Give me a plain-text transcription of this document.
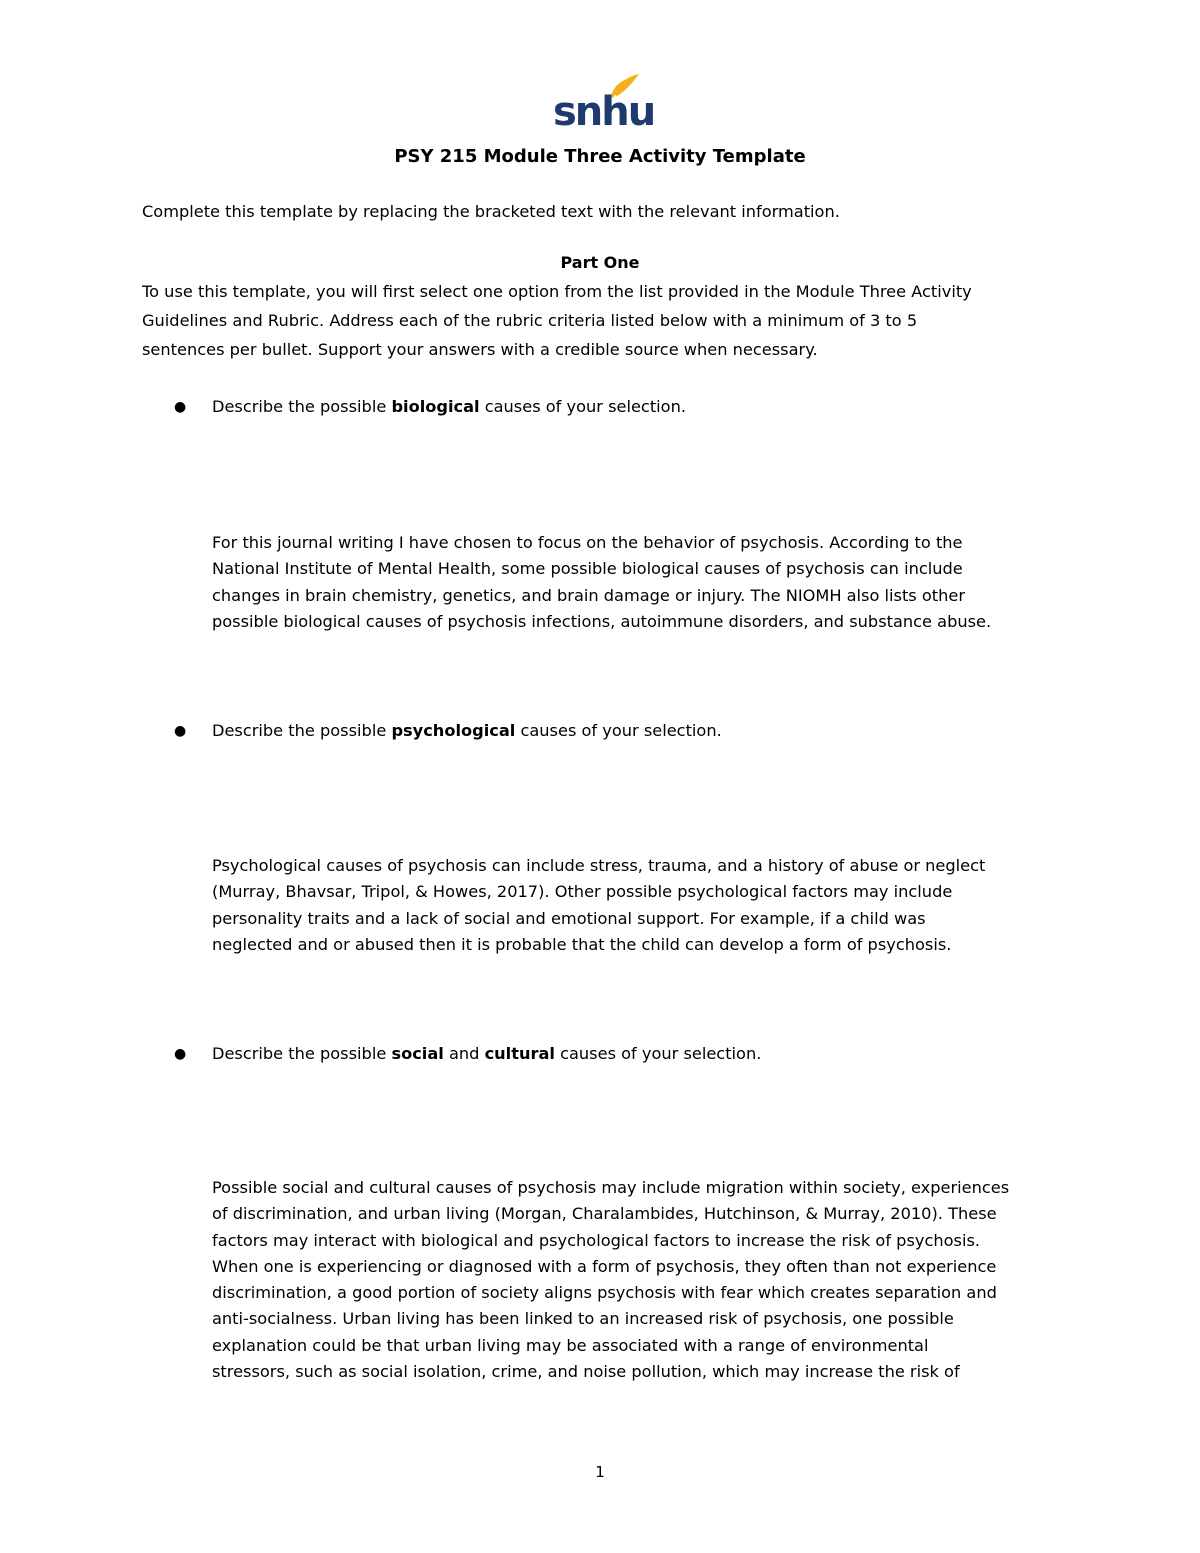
snhu
PSY 215 Module Three Activity Template
Complete this template by replacing the bracketed text with the relevant information.
Part One
To use this template, you will first select one option from the list provided in the Module Three Activity
Guidelines and Rubric. Address each of the rubric criteria listed below with a minimum of 3 to 5
sentences per bullet. Support your answers with a credible source when necessary.
● Describe the possible biological causes of your selection.
For this journal writing I have chosen to focus on the behavior of psychosis. According to the
National Institute of Mental Health, some possible biological causes of psychosis can include
changes in brain chemistry, genetics, and brain damage or injury. The NIOMH also lists other
possible biological causes of psychosis infections, autoimmune disorders, and substance abuse.
● Describe the possible psychological causes of your selection.
Psychological causes of psychosis can include stress, trauma, and a history of abuse or neglect
(Murray, Bhavsar, Tripol, & Howes, 2017). Other possible psychological factors may include
personality traits and a lack of social and emotional support. For example, if a child was
neglected and or abused then it is probable that the child can develop a form of psychosis.
● Describe the possible social and cultural causes of your selection.
Possible social and cultural causes of psychosis may include migration within society, experiences
of discrimination, and urban living (Morgan, Charalambides, Hutchinson, & Murray, 2010). These
factors may interact with biological and psychological factors to increase the risk of psychosis.
When one is experiencing or diagnosed with a form of psychosis, they often than not experience
discrimination, a good portion of society aligns psychosis with fear which creates separation and
anti-socialness. Urban living has been linked to an increased risk of psychosis, one possible
explanation could be that urban living may be associated with a range of environmental
stressors, such as social isolation, crime, and noise pollution, which may increase the risk of
1
